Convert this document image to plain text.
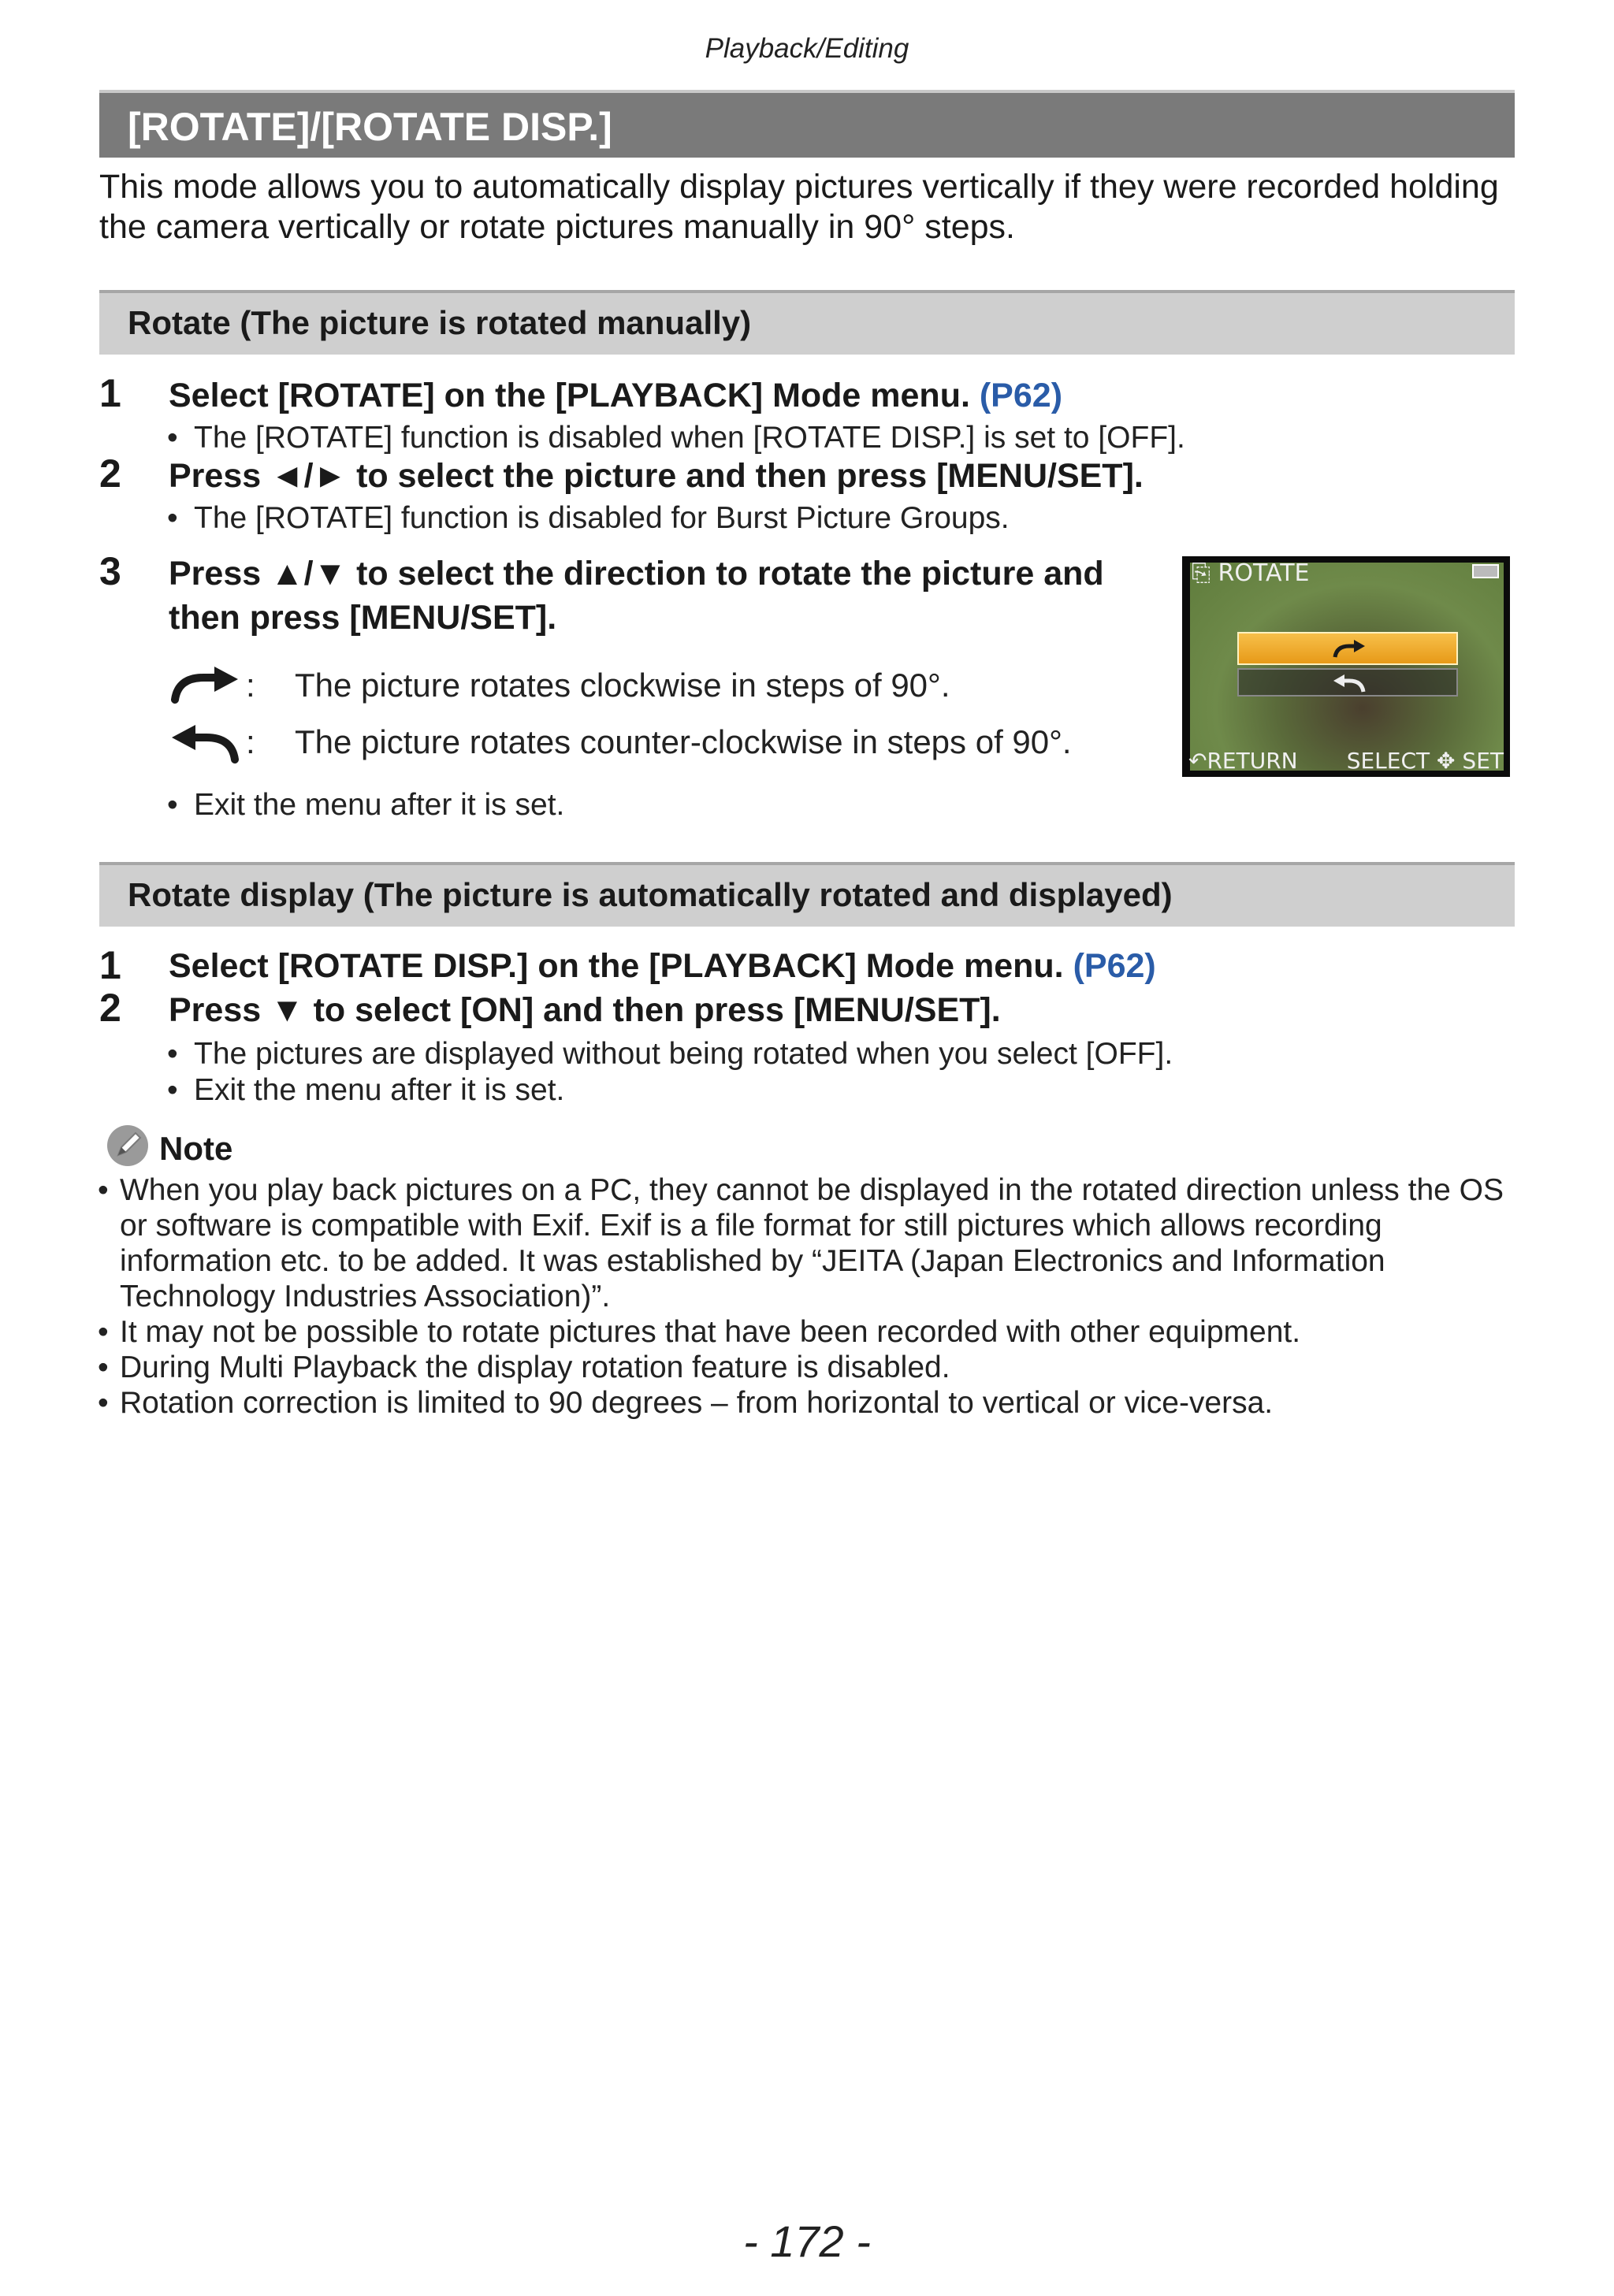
Playback/Editing
[ROTATE]/[ROTATE DISP.]
This mode allows you to automatically display pictures vertically if they were recorded holding the camera vertically or rotate pictures manually in 90° steps.
Rotate (The picture is rotated manually)
1 Select [ROTATE] on the [PLAYBACK] Mode menu. (P62)
• The [ROTATE] function is disabled when [ROTATE DISP.] is set to [OFF].
2 Press ◄/► to select the picture and then press [MENU/SET].
• The [ROTATE] function is disabled for Burst Picture Groups.
3 Press ▲/▼ to select the direction to rotate the picture and
then press [MENU/SET].
: The picture rotates clockwise in steps of 90°.
: The picture rotates counter-clockwise in steps of 90°.
• Exit the menu after it is set.
⎘ ROTATE
↶RETURN SELECT ✥ SET
Rotate display (The picture is automatically rotated and displayed)
1 Select [ROTATE DISP.] on the [PLAYBACK] Mode menu. (P62)
2 Press ▼ to select [ON] and then press [MENU/SET].
• The pictures are displayed without being rotated when you select [OFF].
• Exit the menu after it is set.
Note
• When you play back pictures on a PC, they cannot be displayed in the rotated direction unless the OS or software is compatible with Exif. Exif is a file format for still pictures which allows recording information etc. to be added. It was established by “JEITA (Japan Electronics and Information Technology Industries Association)”.
• It may not be possible to rotate pictures that have been recorded with other equipment.
• During Multi Playback the display rotation feature is disabled.
• Rotation correction is limited to 90 degrees – from horizontal to vertical or vice-versa.
- 172 -
